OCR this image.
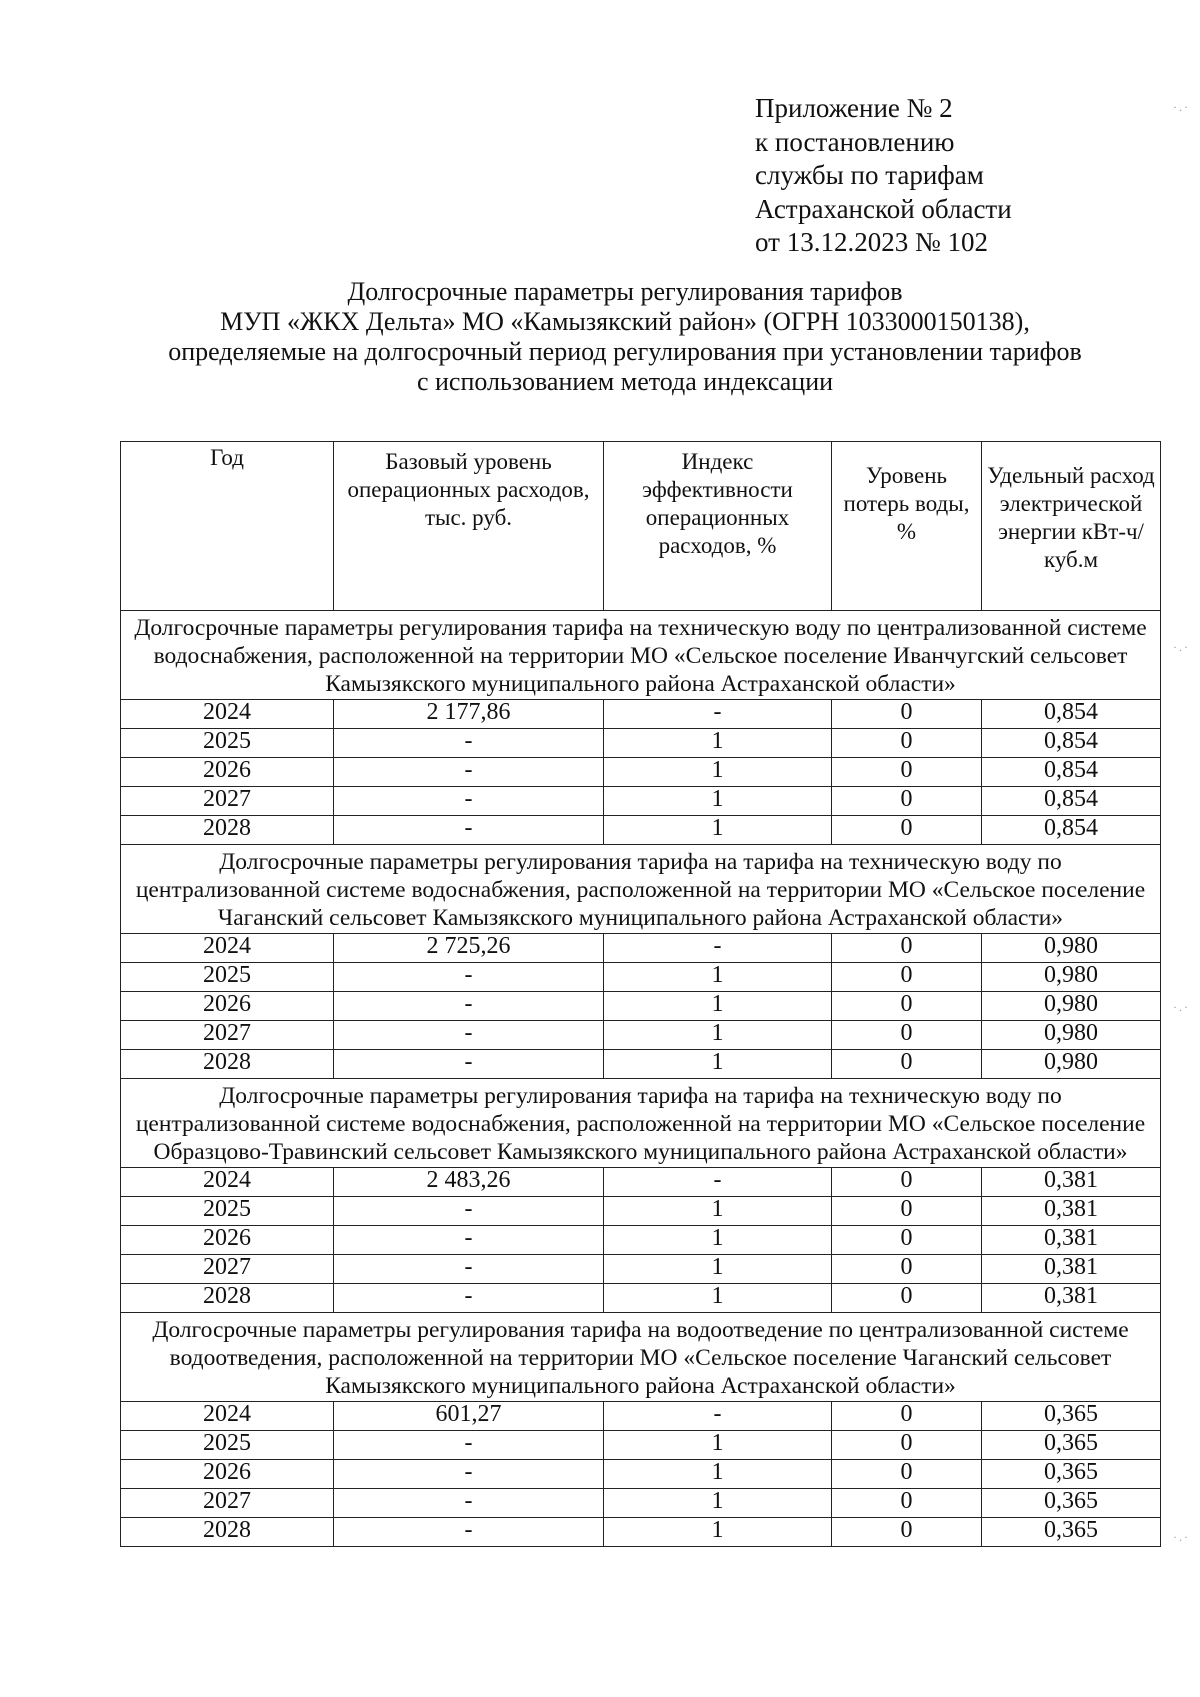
Приложение № 2
к постановлению
службы по тарифам
Астраханской области
от 13.12.2023 № 102
Долгосрочные параметры регулирования тарифов
МУП «ЖКХ Дельта» МО «Камызякский район» (ОГРН 1033000150138),
определяемые на долгосрочный период регулирования при установлении тарифов
с использованием метода индексации
Год	Базовый уровень операционных расходов, тыс. руб.	Индекс эффективности операционных расходов, %	Уровень потерь воды, %	Удельный расход электрической энергии кВт-ч/куб.м
Долгосрочные параметры регулирования тарифа на техническую воду по централизованной системе водоснабжения, расположенной на территории МО «Сельское поселение Иванчугский сельсовет Камызякского муниципального района Астраханской области»				
2024	2 177,86	-	0	0,854
2025	-	1	0	0,854
2026	-	1	0	0,854
2027	-	1	0	0,854
2028	-	1	0	0,854
Долгосрочные параметры регулирования тарифа на тарифа на техническую воду по централизованной системе водоснабжения, расположенной на территории МО «Сельское поселение Чаганский сельсовет Камызякского муниципального района Астраханской области»				
2024	2 725,26	-	0	0,980
2025	-	1	0	0,980
2026	-	1	0	0,980
2027	-	1	0	0,980
2028	-	1	0	0,980
Долгосрочные параметры регулирования тарифа на тарифа на техническую воду по централизованной системе водоснабжения, расположенной на территории МО «Сельское поселение Образцово-Травинский сельсовет Камызякского муниципального района Астраханской области»				
2024	2 483,26	-	0	0,381
2025	-	1	0	0,381
2026	-	1	0	0,381
2027	-	1	0	0,381
2028	-	1	0	0,381
Долгосрочные параметры регулирования тарифа на водоотведение по централизованной системе водоотведения, расположенной на территории МО «Сельское поселение Чаганский сельсовет Камызякского муниципального района Астраханской области»				
2024	601,27	-	0	0,365
2025	-	1	0	0,365
2026	-	1	0	0,365
2027	-	1	0	0,365
2028	-	1	0	0,365
·.·
·.·
·.·
·.·
